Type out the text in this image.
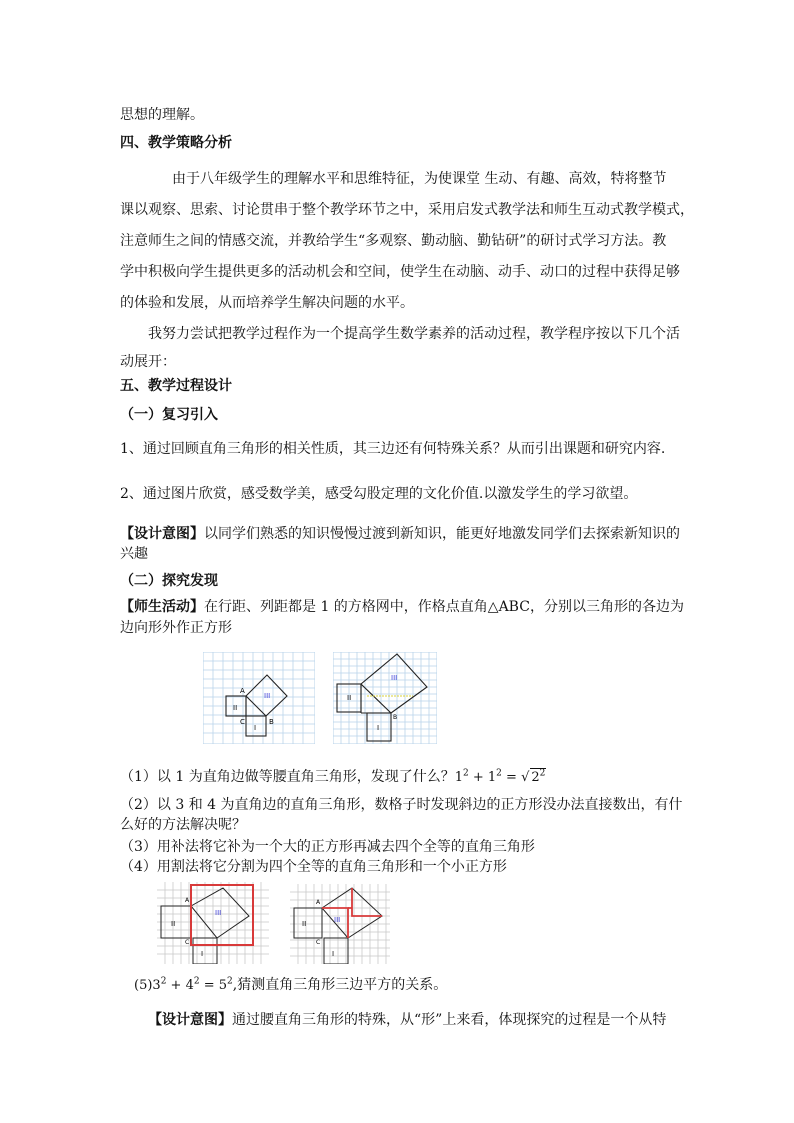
思想的理解。
四、教学策略分析
由于八年级学生的理解水平和思维特征，为使课堂 生动、有趣、高效，特将整节
课以观察、思索、讨论贯串于整个教学环节之中，采用启发式教学法和师生互动式教学模式，
注意师生之间的情感交流，并教给学生“多观察、勤动脑、勤钻研”的研讨式学习方法。教
学中积极向学生提供更多的活动机会和空间，使学生在动脑、动手、动口的过程中获得足够
的体验和发展，从而培养学生解决问题的水平。
我努力尝试把教学过程作为一个提高学生数学素养的活动过程，教学程序按以下几个活
动展开：
五、教学过程设计
（一）复习引入
1、通过回顾直角三角形的相关性质，其三边还有何特殊关系？从而引出课题和研究内容.
2、通过图片欣赏，感受数学美，感受勾股定理的文化价值.以激发学生的学习欲望。
【设计意图】以同学们熟悉的知识慢慢过渡到新知识，能更好地激发同学们去探索新知识的
兴趣
（二）探究发现
【师生活动】在行距、列距都是 1 的方格网中，作格点直角△ABC，分别以三角形的各边为
边向形外作正方形
A
C	B
II
I
III	II
I
III
B
（1）以 1 为直角边做等腰直角三角形，发现了什么？$1^2 + 1^2$ = √ $2^2$
（2）以 3 和 4 为直角边的直角三角形，数格子时发现斜边的正方形没办法直接数出，有什
么好的方法解决呢？
（3）用补法将它补为一个大的正方形再减去四个全等的直角三角形
（4）用割法将它分割为四个全等的直角三角形和一个小正方形
II
I
III
A
C
II
I
III
A
C
$(5)3^2 + 4^2 = 5^2$,猜测直角三角形三边平方的关系。
【设计意图】通过腰直角三角形的特殊，从“形”上来看，体现探究的过程是一个从特
